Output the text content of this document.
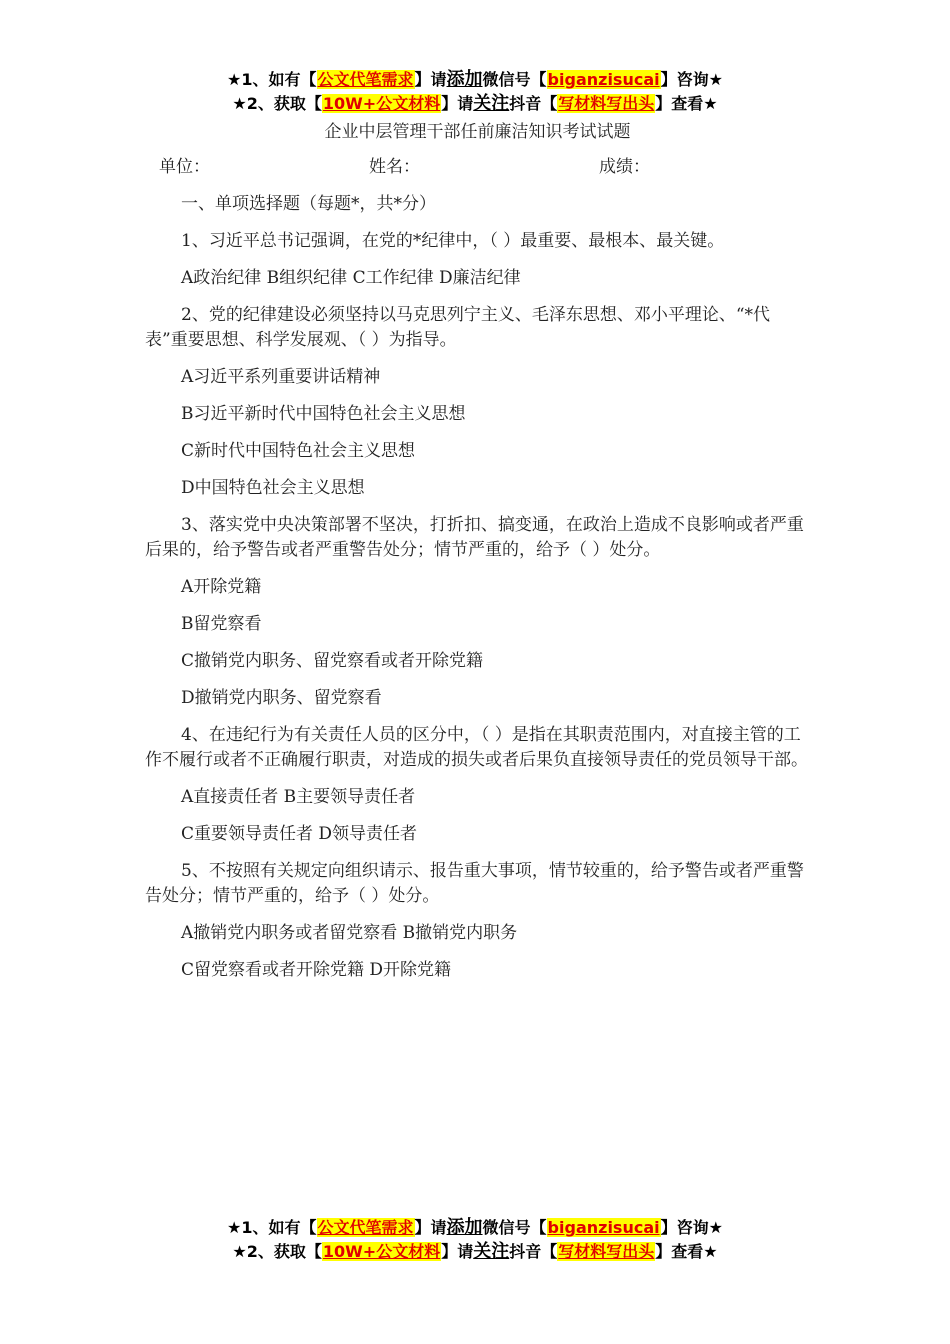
★1、如有【公文代笔需求】请添加微信号【biganzisucai】咨询★
★2、获取【10W+公文材料】请关注抖音【写材料写出头】查看★

企业中层管理干部任前廉洁知识考试试题

单位：	姓名：	成绩：

一、单项选择题（每题*，共*分）

1、习近平总书记强调，在党的*纪律中，（ ）最重要、最根本、最关键。

A政治纪律 B组织纪律 C工作纪律 D廉洁纪律

2、党的纪律建设必须坚持以马克思列宁主义、毛泽东思想、邓小平理论、“*代表”重要思想、科学发展观、（ ）为指导。

A习近平系列重要讲话精神

B习近平新时代中国特色社会主义思想

C新时代中国特色社会主义思想

D中国特色社会主义思想

3、落实党中央决策部署不坚决，打折扣、搞变通，在政治上造成不良影响或者严重后果的，给予警告或者严重警告处分；情节严重的，给予（ ）处分。

A开除党籍

B留党察看

C撤销党内职务、留党察看或者开除党籍

D撤销党内职务、留党察看

4、在违纪行为有关责任人员的区分中，（ ）是指在其职责范围内，对直接主管的工作不履行或者不正确履行职责，对造成的损失或者后果负直接领导责任的党员领导干部。

A直接责任者 B主要领导责任者

C重要领导责任者 D领导责任者

5、不按照有关规定向组织请示、报告重大事项，情节较重的，给予警告或者严重警告处分；情节严重的，给予（ ）处分。

A撤销党内职务或者留党察看 B撤销党内职务

C留党察看或者开除党籍 D开除党籍

★1、如有【公文代笔需求】请添加微信号【biganzisucai】咨询★
★2、获取【10W+公文材料】请关注抖音【写材料写出头】查看★
